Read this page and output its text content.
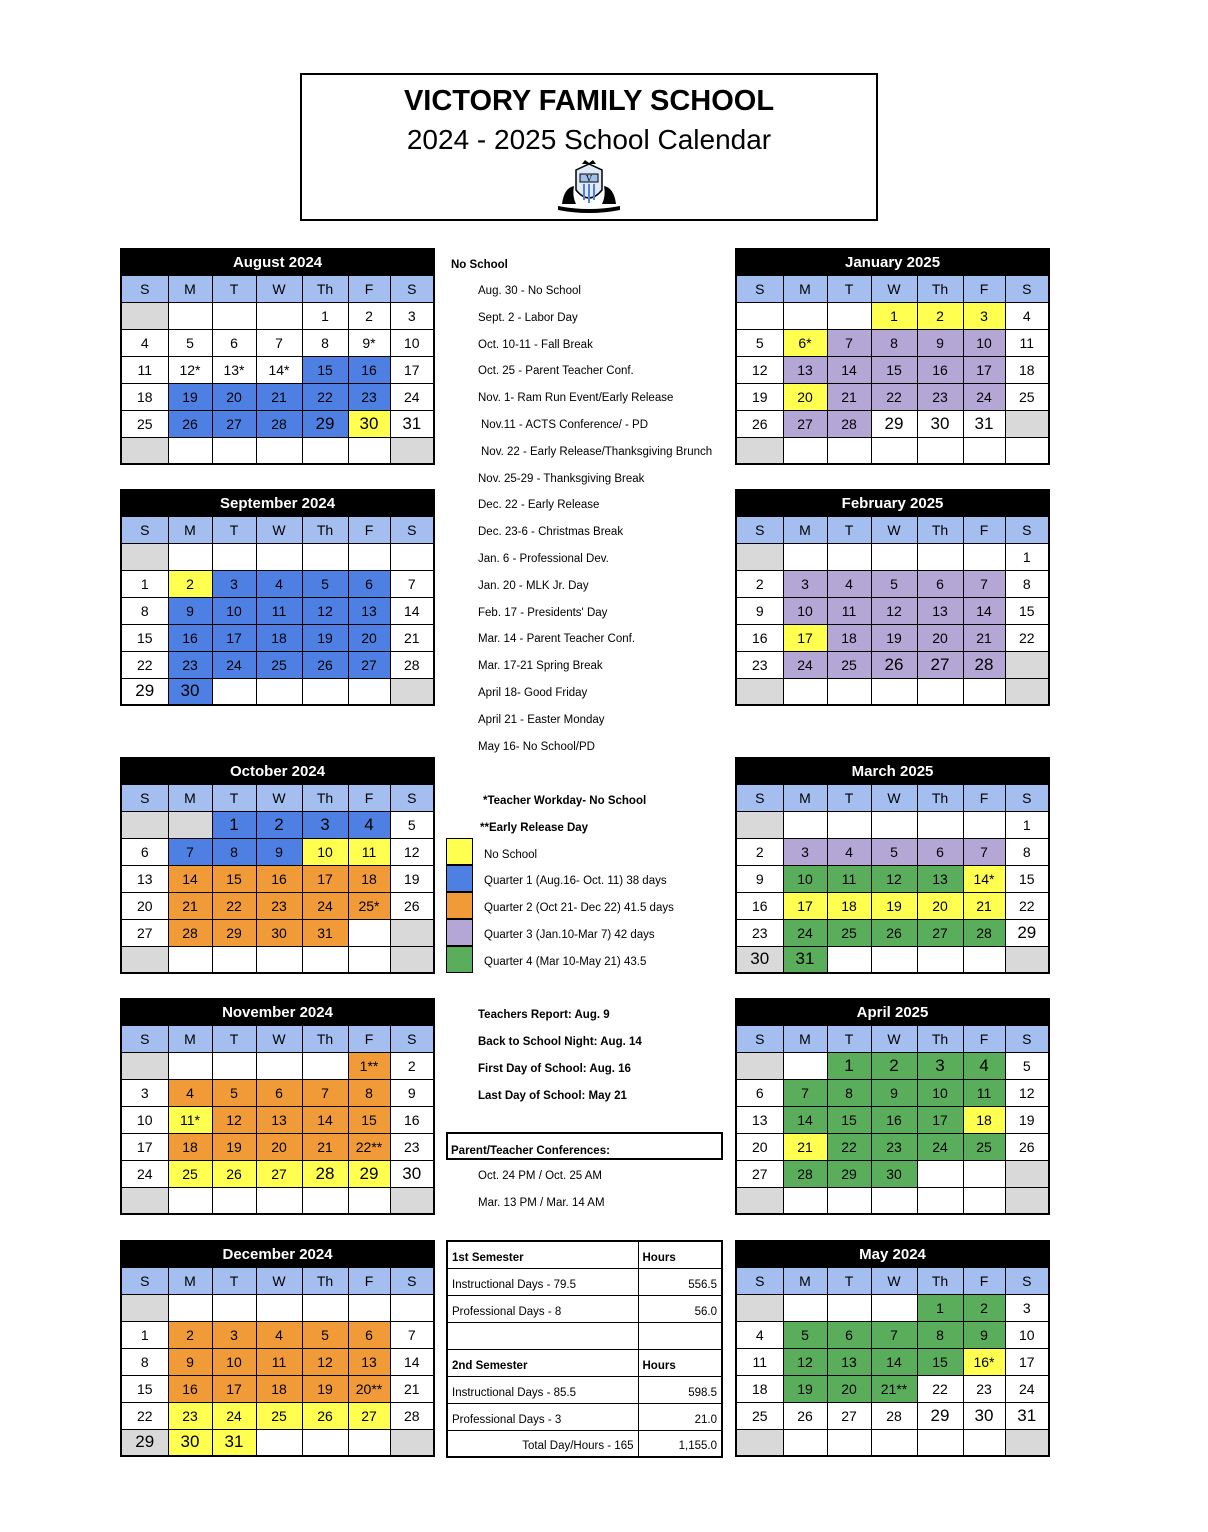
VICTORY FAMILY SCHOOL
2024 - 2025 School Calendar
V
August 2024						
S	M	T	W	Th	F	S
				1	2	3
4	5	6	7	8	9*	10
11	12*	13*	14*	15	16	17
18	19	20	21	22	23	24
25	26	27	28	29	30	31

September 2024						
S	M	T	W	Th	F	S

1	2	3	4	5	6	7
8	9	10	11	12	13	14
15	16	17	18	19	20	21
22	23	24	25	26	27	28
29	30					
October 2024						
S	M	T	W	Th	F	S
		1	2	3	4	5
6	7	8	9	10	11	12
13	14	15	16	17	18	19
20	21	22	23	24	25*	26
27	28	29	30	31		

November 2024						
S	M	T	W	Th	F	S
					1**	2
3	4	5	6	7	8	9
10	11*	12	13	14	15	16
17	18	19	20	21	22**	23
24	25	26	27	28	29	30

December 2024						
S	M	T	W	Th	F	S

1	2	3	4	5	6	7
8	9	10	11	12	13	14
15	16	17	18	19	20**	21
22	23	24	25	26	27	28
29	30	31				
January 2025						
S	M	T	W	Th	F	S
			1	2	3	4
5	6*	7	8	9	10	11
12	13	14	15	16	17	18
19	20	21	22	23	24	25
26	27	28	29	30	31	

February 2025						
S	M	T	W	Th	F	S
						1
2	3	4	5	6	7	8
9	10	11	12	13	14	15
16	17	18	19	20	21	22
23	24	25	26	27	28	

March 2025						
S	M	T	W	Th	F	S
						1
2	3	4	5	6	7	8
9	10	11	12	13	14*	15
16	17	18	19	20	21	22
23	24	25	26	27	28	29
30	31					
April 2025						
S	M	T	W	Th	F	S
		1	2	3	4	5
6	7	8	9	10	11	12
13	14	15	16	17	18	19
20	21	22	23	24	25	26
27	28	29	30			

May 2024						
S	M	T	W	Th	F	S
				1	2	3
4	5	6	7	8	9	10
11	12	13	14	15	16*	17
18	19	20	21**	22	23	24
25	26	27	28	29	30	31

No School
Aug. 30 - No School
Sept. 2 - Labor Day
Oct. 10-11 - Fall Break
Oct. 25 - Parent Teacher Conf.
Nov. 1- Ram Run Event/Early Release
Nov.11 - ACTS Conference/ - PD
Nov. 22 - Early Release/Thanksgiving Brunch
Nov. 25-29 - Thanksgiving Break
Dec. 22 - Early Release
Dec. 23-6 - Christmas Break
Jan. 6 - Professional Dev.
Jan. 20 - MLK Jr. Day
Feb. 17 - Presidents' Day
Mar. 14 - Parent Teacher Conf.
Mar. 17-21 Spring Break
April 18- Good Friday
April 21 - Easter Monday
May 16- No School/PD
*Teacher Workday- No School
**Early Release Day
No School
Quarter 1 (Aug.16- Oct. 11) 38 days
Quarter 2 (Oct 21- Dec 22) 41.5 days
Quarter 3 (Jan.10-Mar 7) 42 days
Quarter 4 (Mar 10-May 21) 43.5
Teachers Report: Aug. 9
Back to School Night: Aug. 14
First Day of School: Aug. 16
Last Day of School: May 21
Parent/Teacher Conferences:
Oct. 24 PM / Oct. 25 AM
Mar. 13 PM / Mar. 14 AM
1st Semester	Hours
Instructional Days - 79.5	556.5
Professional Days - 8	56.0

2nd Semester	Hours
Instructional Days - 85.5	598.5
Professional Days - 3	21.0
Total Day/Hours - 165	1,155.0
